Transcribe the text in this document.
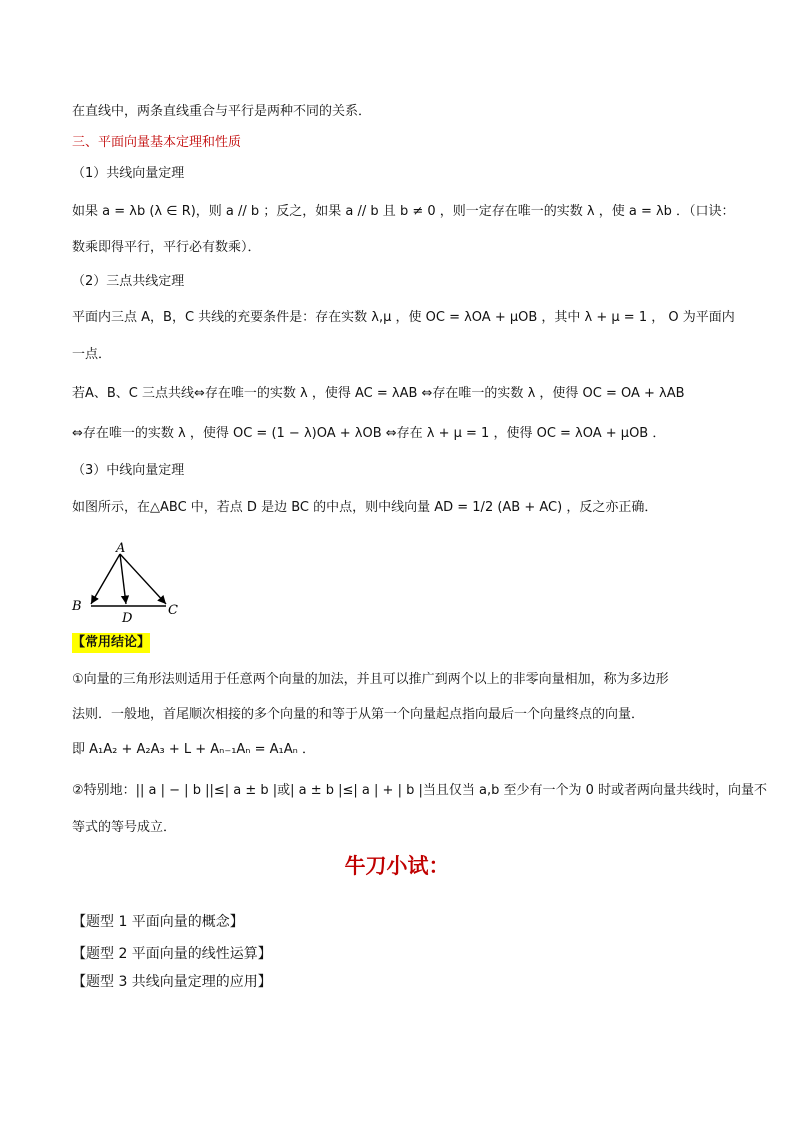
在直线中，两条直线重合与平行是两种不同的关系．
三、平面向量基本定理和性质
（1）共线向量定理
如果 a = λb (λ ∈ R)，则 a // b ；反之，如果 a // b 且 b ≠ 0 ，则一定存在唯一的实数 λ ，使 a = λb ．（口诀：
数乘即得平行，平行必有数乘）．
（2）三点共线定理
平面内三点 A，B，C 共线的充要条件是：存在实数 λ,μ ，使 OC = λOA + μOB ，其中 λ + μ = 1 ， O 为平面内
一点．
若A、B、C 三点共线⇔存在唯一的实数 λ ，使得 AC = λAB ⇔存在唯一的实数 λ ，使得 OC = OA + λAB
⇔存在唯一的实数 λ ，使得 OC = (1 − λ)OA + λOB ⇔存在 λ + μ = 1 ，使得 OC = λOA + μOB ．
（3）中线向量定理
如图所示，在△ABC 中，若点 D 是边 BC 的中点，则中线向量 AD = 1/2 (AB + AC) ，反之亦正确．
A
B	C
D
【常用结论】
①向量的三角形法则适用于任意两个向量的加法，并且可以推广到两个以上的非零向量相加，称为多边形
法则．一般地，首尾顺次相接的多个向量的和等于从第一个向量起点指向最后一个向量终点的向量．
即 A₁A₂ + A₂A₃ + L + Aₙ₋₁Aₙ = A₁Aₙ ．
②特别地：|| a | − | b ||≤| a ± b |或| a ± b |≤| a | + | b |当且仅当 a,b 至少有一个为 0 时或者两向量共线时，向量不
等式的等号成立．
牛刀小试：
【题型 1 平面向量的概念】
【题型 2 平面向量的线性运算】
【题型 3 共线向量定理的应用】
